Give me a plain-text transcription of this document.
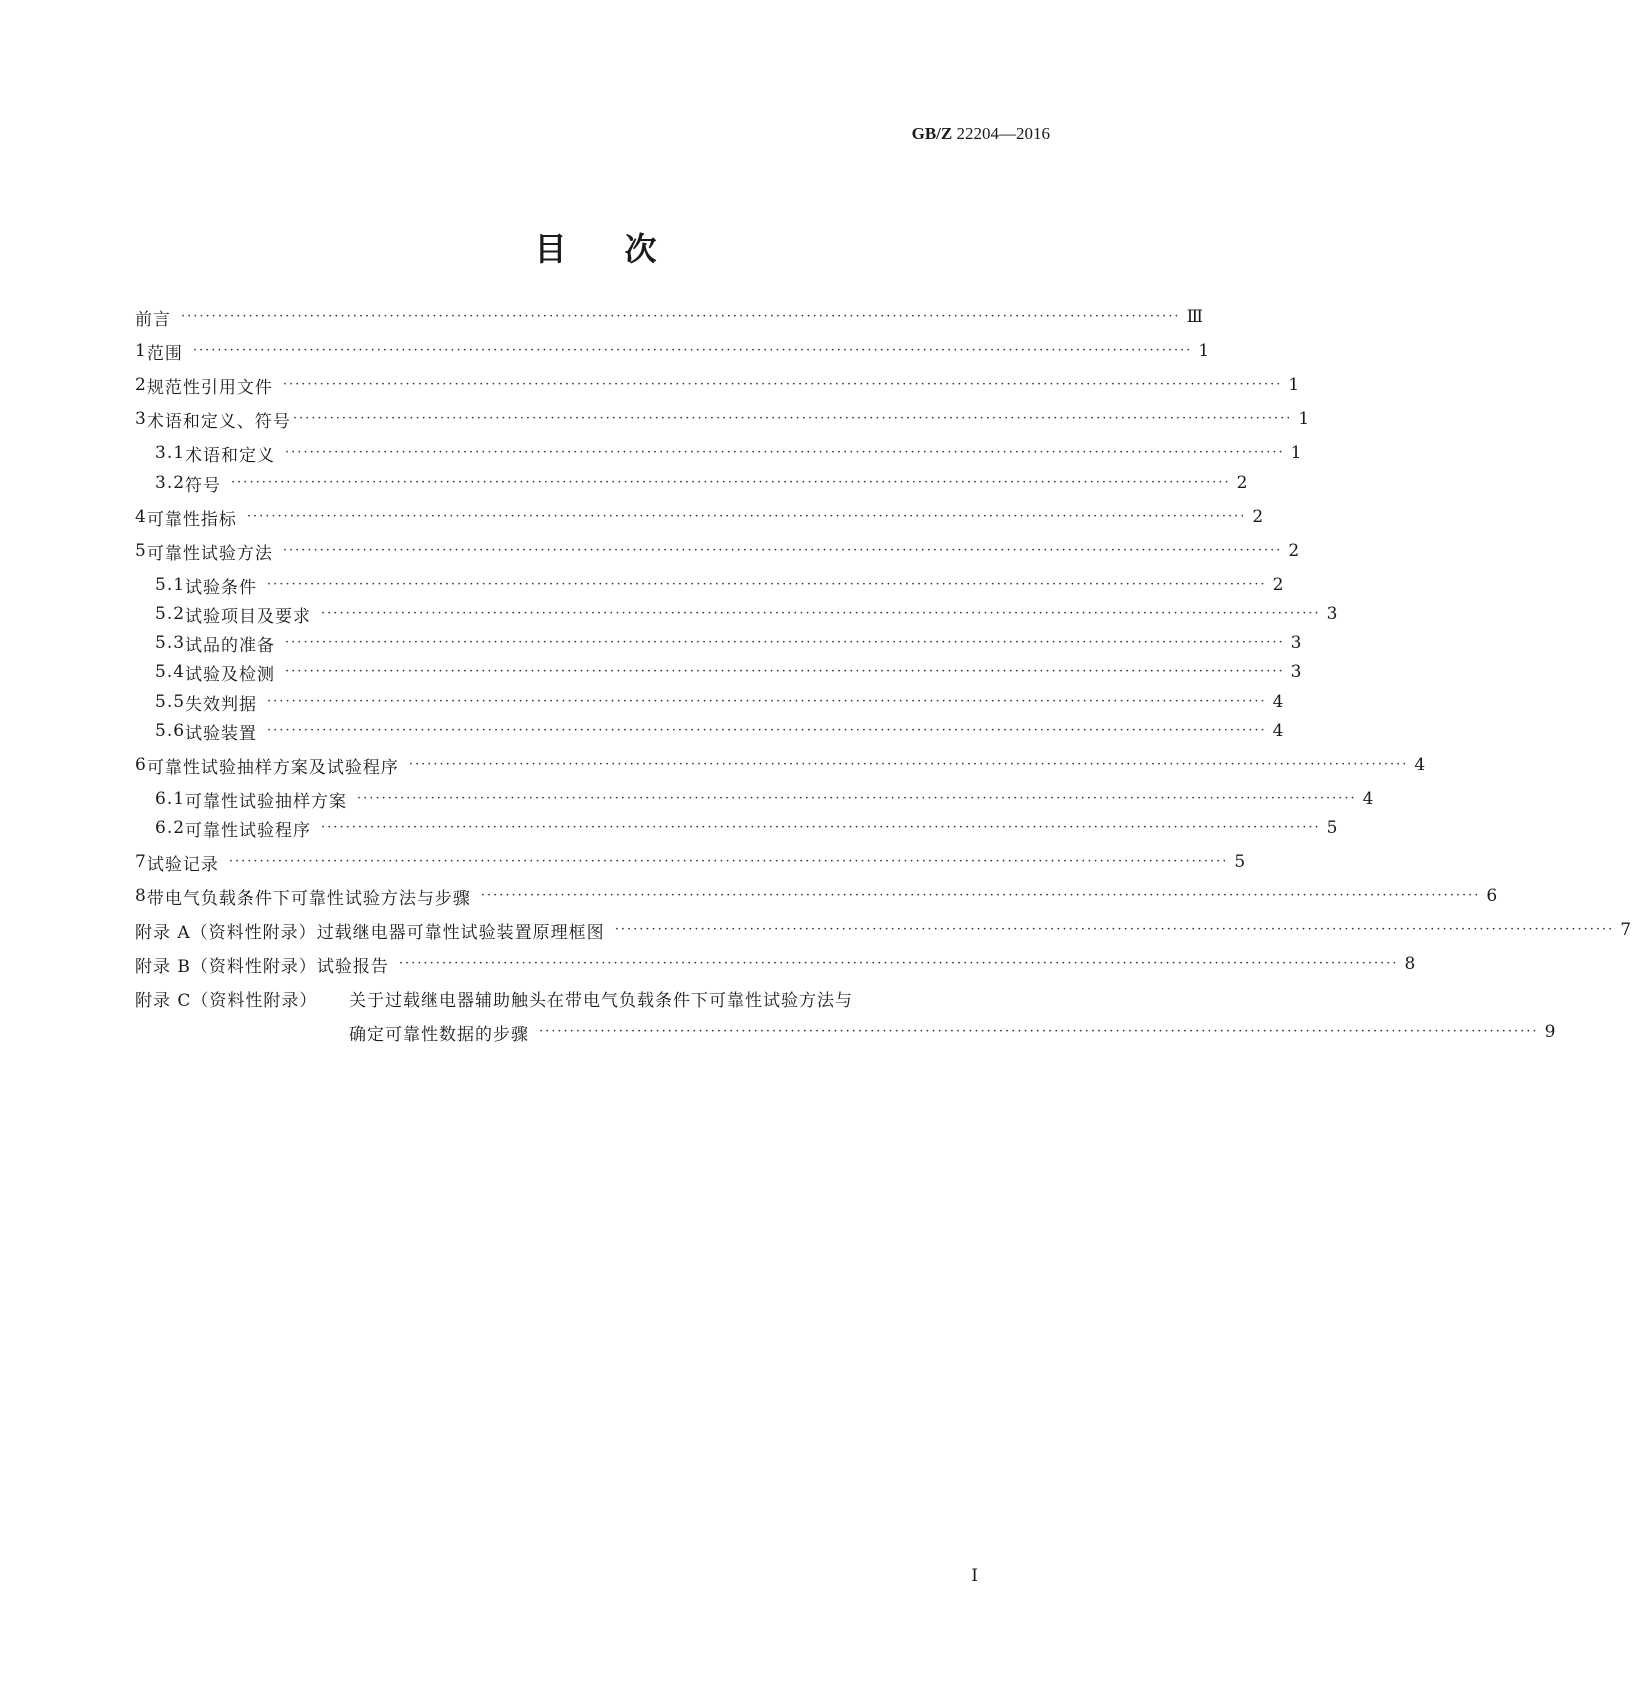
GB/Z 22204—2016
目次
前言 ··································································································································································· Ⅲ
1 范围 ··································································································································································· 1
2 规范性引用文件 ··································································································································································· 1
3 术语和定义、符号 ··································································································································································· 1
3.1 术语和定义 ··································································································································································· 1
3.2 符号 ··································································································································································· 2
4 可靠性指标 ··································································································································································· 2
5 可靠性试验方法 ··································································································································································· 2
5.1 试验条件 ··································································································································································· 2
5.2 试验项目及要求 ··································································································································································· 3
5.3 试品的准备 ··································································································································································· 3
5.4 试验及检测 ··································································································································································· 3
5.5 失效判据 ··································································································································································· 4
5.6 试验装置 ··································································································································································· 4
6 可靠性试验抽样方案及试验程序 ··································································································································································· 4
6.1 可靠性试验抽样方案 ··································································································································································· 4
6.2 可靠性试验程序 ··································································································································································· 5
7 试验记录 ··································································································································································· 5
8 带电气负载条件下可靠性试验方法与步骤 ··································································································································································· 6
附录 A（资料性附录） 过载继电器可靠性试验装置原理框图 ··································································································································································· 7
附录 B（资料性附录） 试验报告 ··································································································································································· 8
附录 C（资料性附录）	关于过载继电器辅助触头在带电气负载条件下可靠性试验方法与
确定可靠性数据的步骤 ··································································································································································· 9
I
